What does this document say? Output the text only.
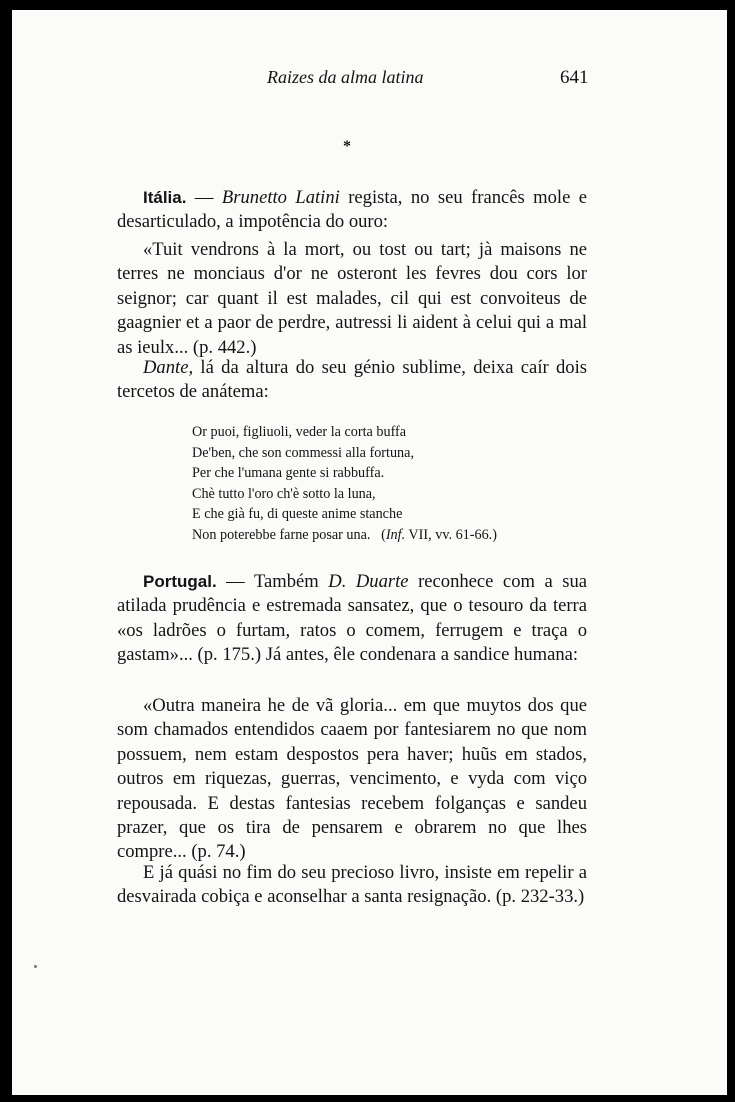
Raizes da alma latina	641
*

Itália. — Brunetto Latini regista, no seu francês mole e desarticulado, a impotência do ouro:

«Tuit vendrons à la mort, ou tost ou tart; jà maisons ne terres ne monciaus d'or ne osteront les fevres dou cors lor seignor; car quant il est malades, cil qui est convoiteus de gaagnier et a paor de perdre, autressi li aident à celui qui a mal as ieulx... (p. 442.)

Dante, lá da altura do seu génio sublime, deixa caír dois tercetos de anátema:

Or puoi, figliuoli, veder la corta buffa
De'ben, che son commessi alla fortuna,
Per che l'umana gente si rabbuffa.
Chè tutto l'oro ch'è sotto la luna,
E che già fu, di queste anime stanche
Non poterebbe farne posar una. (Inf. VII, vv. 61-66.)

Portugal. — Também D. Duarte reconhece com a sua atilada prudência e estremada sansatez, que o tesouro da terra «os ladrões o furtam, ratos o comem, ferrugem e traça o gastam»... (p. 175.) Já antes, êle condenara a sandice humana:

«Outra maneira he de vã gloria... em que muytos dos que som chamados entendidos caaem por fantesiarem no que nom possuem, nem estam despostos pera haver; huũs em stados, outros em riquezas, guerras, vencimento, e vyda com viço repousada. E destas fantesias recebem folganças e sandeu prazer, que os tira de pensarem e obrarem no que lhes compre... (p. 74.)

E já quási no fim do seu precioso livro, insiste em repelir a desvairada cobiça e aconselhar a santa resignação. (p. 232-33.)
